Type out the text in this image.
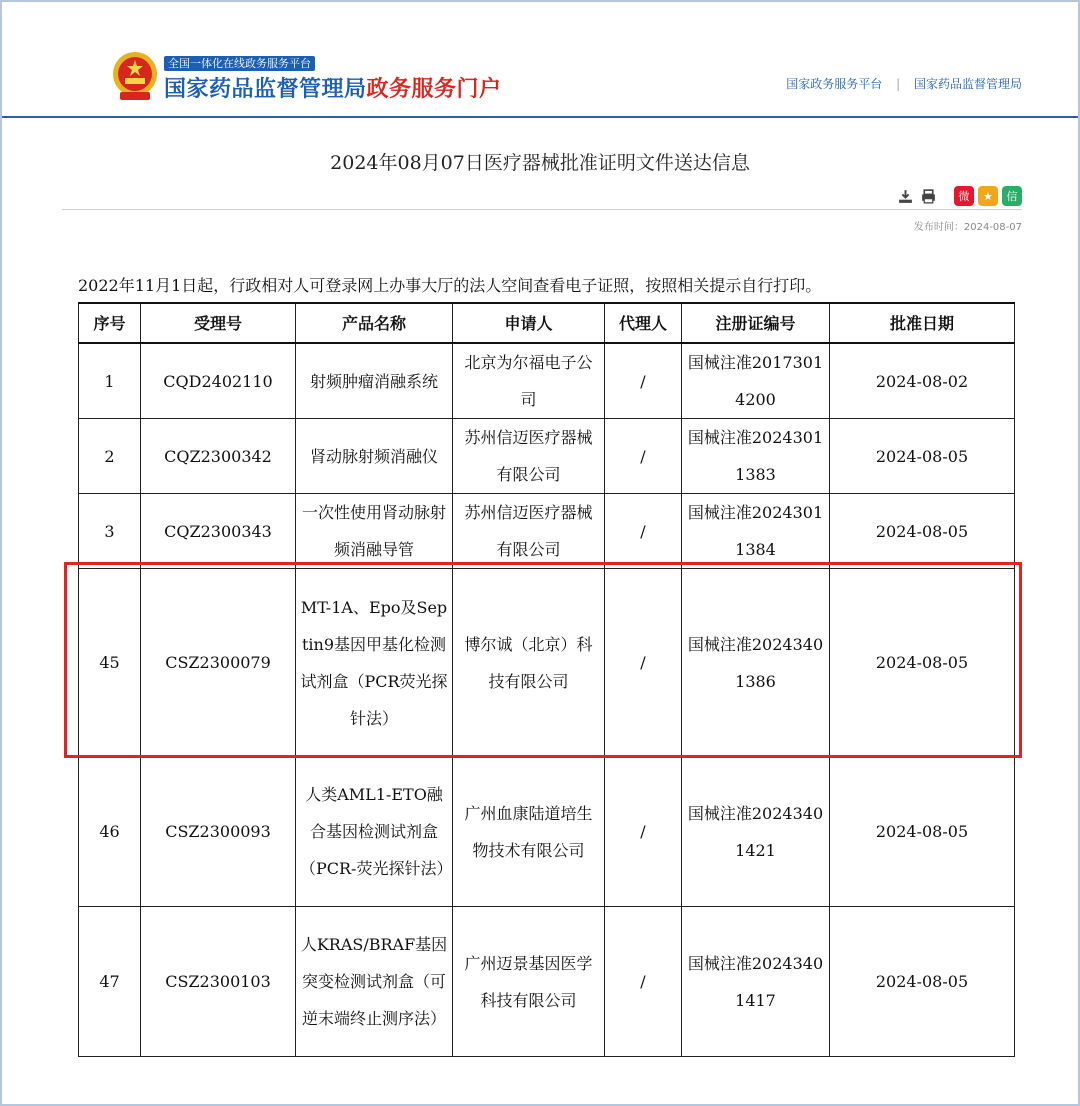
全国一体化在线政务服务平台
国家药品监督管理局政务服务门户	国家政务服务平台 | 国家药品监督管理局
2024年08月07日医疗器械批准证明文件送达信息
微	★	信
发布时间：2024-08-07
2022年11月1日起，行政相对人可登录网上办事大厅的法人空间查看电子证照，按照相关提示自行打印。
序号	受理号	产品名称	申请人	代理人	注册证编号	批准日期
1	CQD2402110	射频肿瘤消融系统	北京为尔福电子公司	/	国械注准20173014200	2024-08-02
2	CQZ2300342	肾动脉射频消融仪	苏州信迈医疗器械有限公司	/	国械注准20243011383	2024-08-05
3	CQZ2300343	一次性使用肾动脉射频消融导管	苏州信迈医疗器械有限公司	/	国械注准20243011384	2024-08-05
45	CSZ2300079	MT-1A、Epo及Septin9基因甲基化检测试剂盒（PCR荧光探针法）	博尔诚（北京）科技有限公司	/	国械注准20243401386	2024-08-05
46	CSZ2300093	人类AML1-ETO融合基因检测试剂盒（PCR-荧光探针法）	广州血康陆道培生物技术有限公司	/	国械注准20243401421	2024-08-05
47	CSZ2300103	人KRAS/BRAF基因突变检测试剂盒（可逆末端终止测序法）	广州迈景基因医学科技有限公司	/	国械注准20243401417	2024-08-05
